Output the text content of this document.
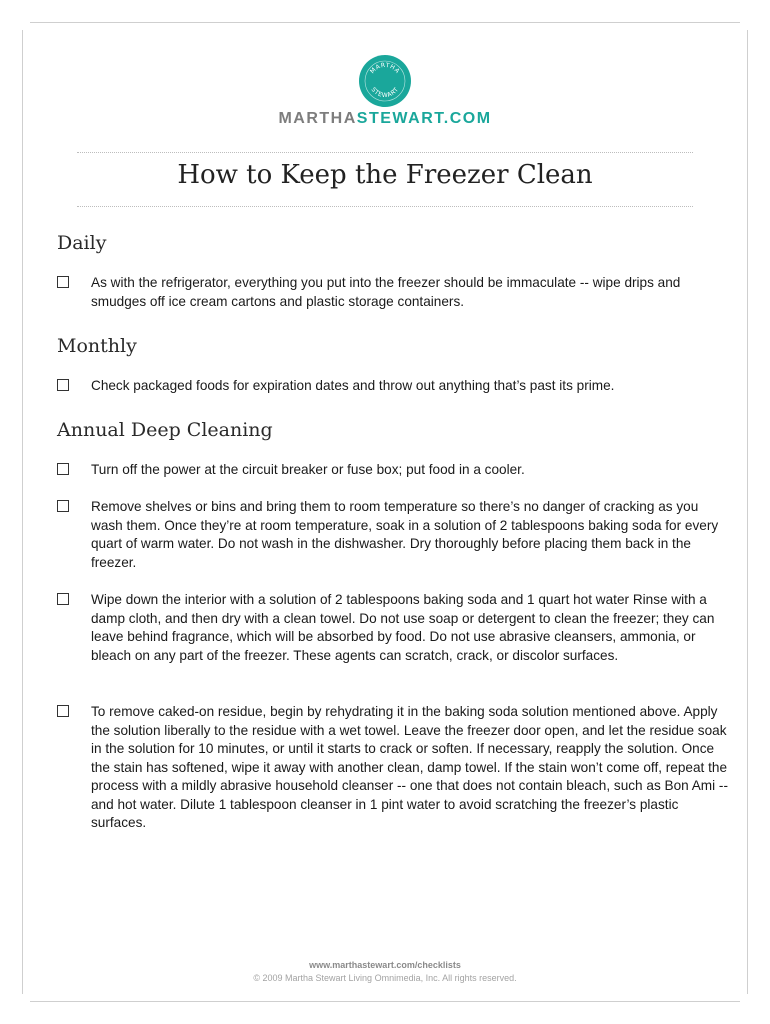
MARTHA
STEWART
MARTHASTEWART.COM
How to Keep the Freezer Clean
Daily
As with the refrigerator, everything you put into the freezer should be immaculate -- wipe drips and smudges off ice cream cartons and plastic storage containers.
Monthly
Check packaged foods for expiration dates and throw out anything that’s past its prime.
Annual Deep Cleaning
Turn off the power at the circuit breaker or fuse box; put food in a cooler.
Remove shelves or bins and bring them to room temperature so there’s no danger of cracking as you wash them. Once they’re at room temperature, soak in a solution of 2 tablespoons baking soda for every quart of warm water. Do not wash in the dishwasher. Dry thoroughly before placing them back in the freezer.
Wipe down the interior with a solution of 2 tablespoons baking soda and 1 quart hot water Rinse with a damp cloth, and then dry with a clean towel. Do not use soap or detergent to clean the freezer; they can leave behind fragrance, which will be absorbed by food. Do not use abrasive cleansers, ammonia, or bleach on any part of the freezer. These agents can scratch, crack, or discolor surfaces.
To remove caked-on residue, begin by rehydrating it in the baking soda solution mentioned above. Apply the solution liberally to the residue with a wet towel. Leave the freezer door open, and let the residue soak in the solution for 10 minutes, or until it starts to crack or soften. If necessary, reapply the solution. Once the stain has softened, wipe it away with another clean, damp towel. If the stain won’t come off, repeat the process with a mildly abrasive household cleanser -- one that does not contain bleach, such as Bon Ami -- and hot water. Dilute 1 tablespoon cleanser in 1 pint water to avoid scratching the freezer’s plastic surfaces.
www.marthastewart.com/checklists
© 2009 Martha Stewart Living Omnimedia, Inc. All rights reserved.
